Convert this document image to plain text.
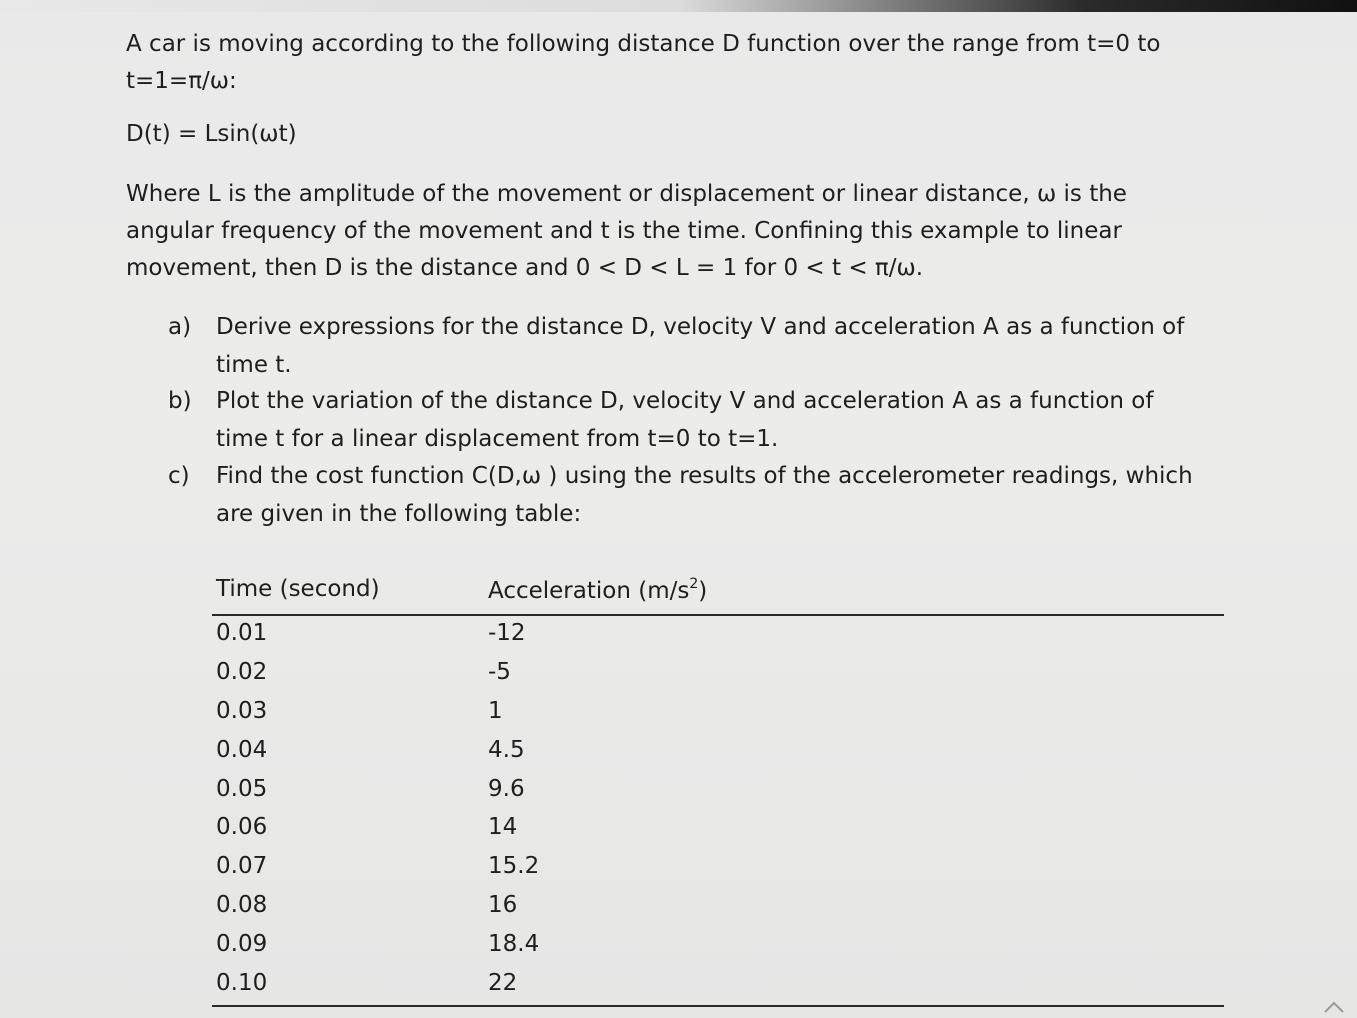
A car is moving according to the following distance D function over the range from t=0 to
t=1=π/ω:
D(t) = Lsin(ωt)
Where L is the amplitude of the movement or displacement or linear distance, ω is the
angular frequency of the movement and t is the time. Confining this example to linear
movement, then D is the distance and 0 < D < L = 1 for 0 < t < π/ω.
a) Derive expressions for the distance D, velocity V and acceleration A as a function of
time t.
b) Plot the variation of the distance D, velocity V and acceleration A as a function of
time t for a linear displacement from t=0 to t=1.
c) Find the cost function C(D,ω ) using the results of the accelerometer readings, which
are given in the following table:
Time (second)	Acceleration $(m/s^2)$
0.01	-12
0.02	-5
0.03	1
0.04	4.5
0.05	9.6
0.06	14
0.07	15.2
0.08	16
0.09	18.4
0.10	22
